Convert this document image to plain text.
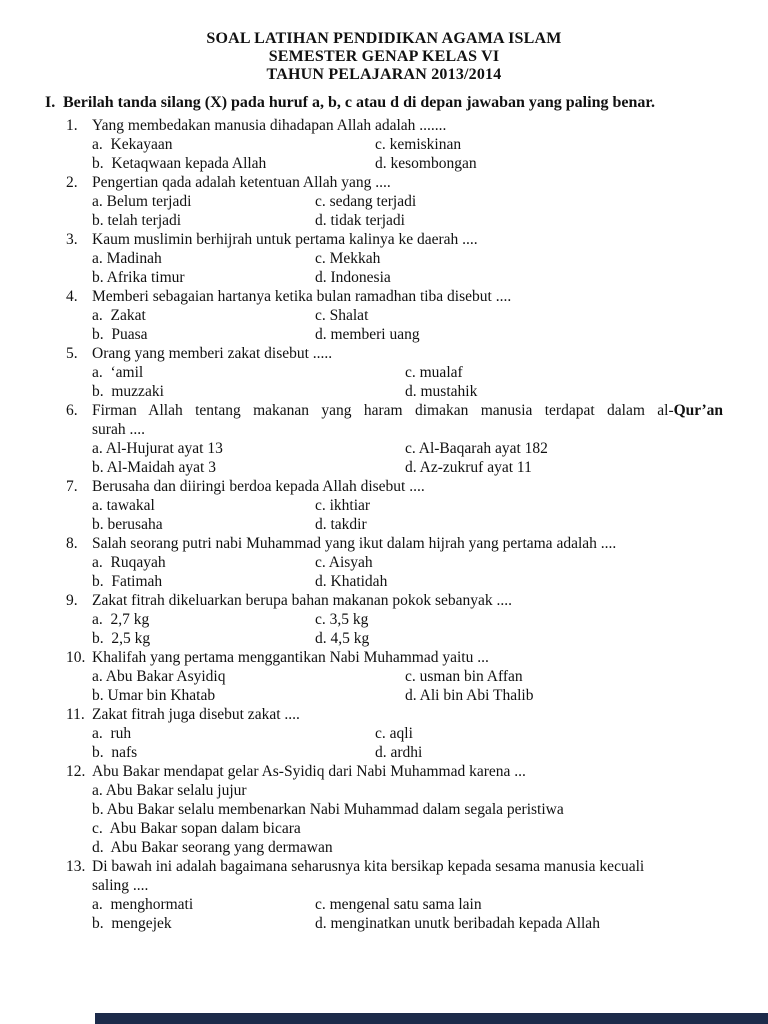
SOAL LATIHAN PENDIDIKAN AGAMA ISLAM
SEMESTER GENAP KELAS VI
TAHUN PELAJARAN 2013/2014
I. Berilah tanda silang (X) pada huruf a, b, c atau d di depan jawaban yang paling benar.
1. Yang membedakan manusia dihadapan Allah adalah .......
a.  Kekayaan	c. kemiskinan
b.  Ketaqwaan kepada Allah	d. kesombongan
2. Pengertian qada adalah ketentuan Allah yang ....
a. Belum terjadi	c. sedang terjadi
b. telah terjadi	d. tidak terjadi
3. Kaum muslimin berhijrah untuk pertama kalinya ke daerah ....
a. Madinah	c. Mekkah
b. Afrika timur	d. Indonesia
4. Memberi sebagaian hartanya ketika bulan ramadhan tiba disebut ....
a.  Zakat	c. Shalat
b.  Puasa	d. memberi uang
5. Orang yang memberi zakat disebut .....
a.  ‘amil	c. mualaf
b.  muzzaki	d. mustahik
6. Firman Allah tentang makanan yang haram dimakan manusia terdapat dalam al-Qur’an
surah ....
a. Al-Hujurat ayat 13	c. Al-Baqarah ayat 182
b. Al-Maidah ayat 3	d. Az-zukruf ayat 11
7. Berusaha dan diiringi berdoa kepada Allah disebut ....
a. tawakal	c. ikhtiar
b. berusaha	d. takdir
8. Salah seorang putri nabi Muhammad yang ikut dalam hijrah yang pertama adalah ....
a.  Ruqayah	c. Aisyah
b.  Fatimah	d. Khatidah
9. Zakat fitrah dikeluarkan berupa bahan makanan pokok sebanyak ....
a.  2,7 kg	c. 3,5 kg
b.  2,5 kg	d. 4,5 kg
10. Khalifah yang pertama menggantikan Nabi Muhammad yaitu ...
a. Abu Bakar Asyidiq	c. usman bin Affan
b. Umar bin Khatab	d. Ali bin Abi Thalib
11. Zakat fitrah juga disebut zakat ....
a.  ruh	c. aqli
b.  nafs	d. ardhi
12. Abu Bakar mendapat gelar As-Syidiq dari Nabi Muhammad karena ...
a. Abu Bakar selalu jujur
b. Abu Bakar selalu membenarkan Nabi Muhammad dalam segala peristiwa
c.  Abu Bakar sopan dalam bicara
d.  Abu Bakar seorang yang dermawan
13. Di bawah ini adalah bagaimana seharusnya kita bersikap kepada sesama manusia kecuali
saling ....
a.  menghormati	c. mengenal satu sama lain
b.  mengejek	d. menginatkan unutk beribadah kepada Allah
